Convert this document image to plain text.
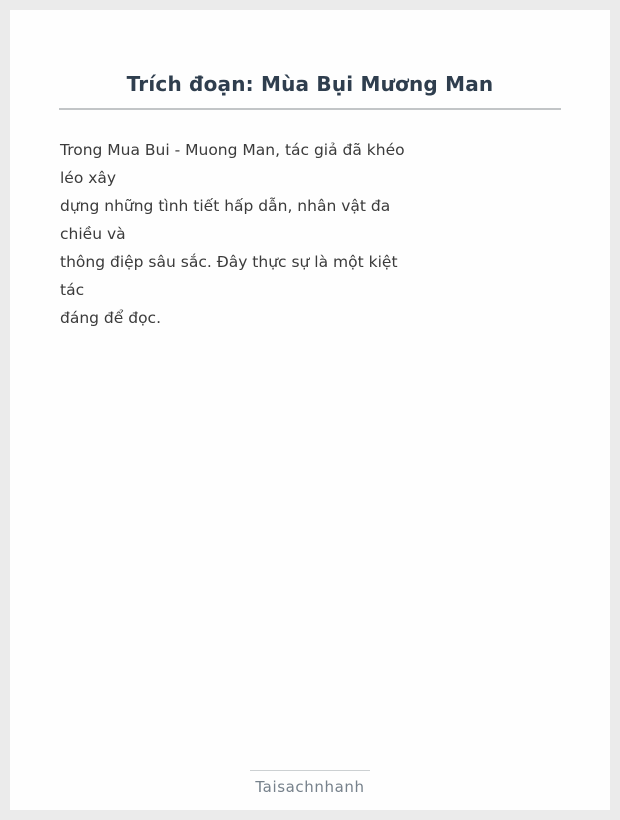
Trích đoạn: Mùa Bụi Mương Man
Trong Mua Bui - Muong Man, tác giả đã khéo
léo xây
dựng những tình tiết hấp dẫn, nhân vật đa
chiều và
thông điệp sâu sắc. Đây thực sự là một kiệt
tác
đáng để đọc.
Taisachnhanh
